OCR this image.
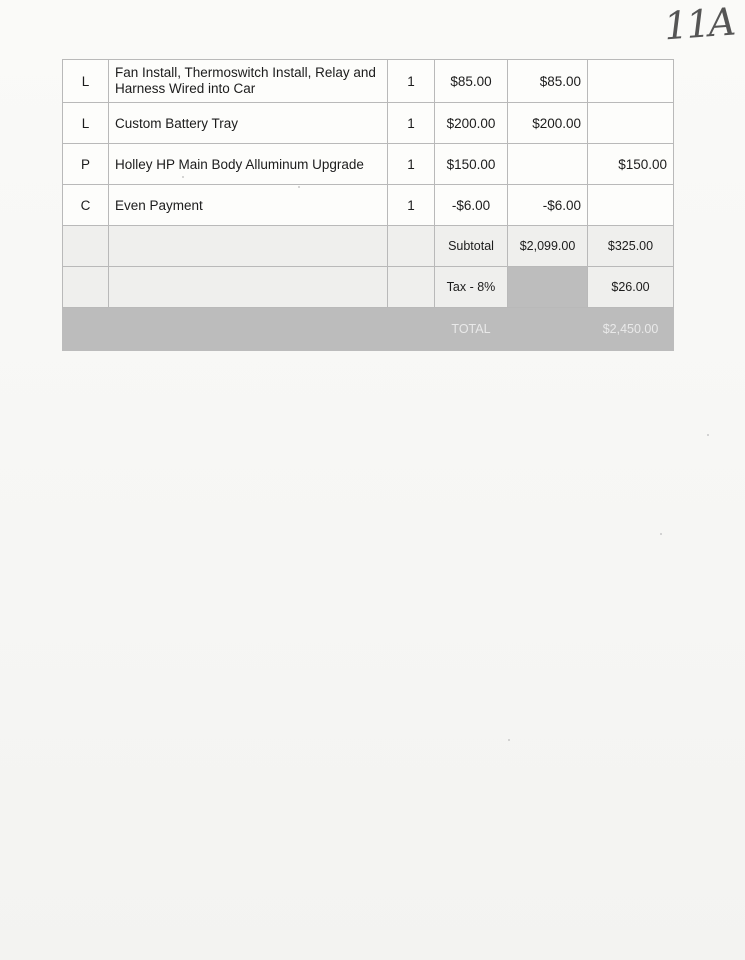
11A
L	Fan Install, Thermoswitch Install, Relay and Harness Wired into Car	1	$85.00	$85.00	
L	Custom Battery Tray	1	$200.00	$200.00	
P	Holley HP Main Body Alluminum Upgrade	1	$150.00		$150.00
C	Even Payment	1	-$6.00	-$6.00	
			Subtotal	$2,099.00	$325.00
			Tax - 8%		$26.00
			TOTAL		$2,450.00
